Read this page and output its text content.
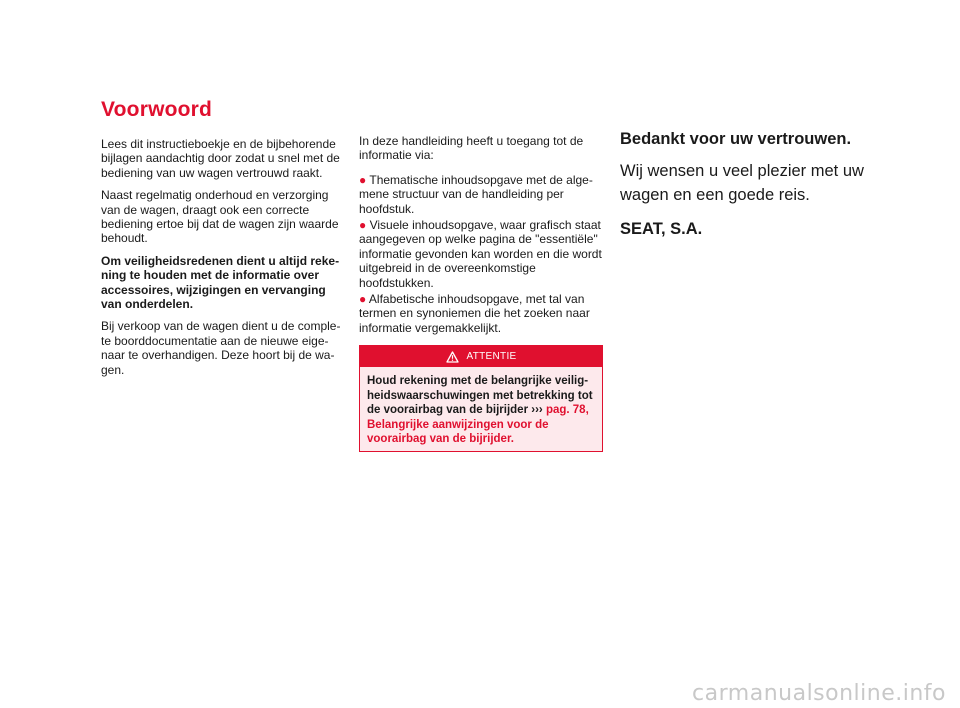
Voorwoord

Lees dit instructieboekje en de bijbehorende bijlagen aandachtig door zodat u snel met de bediening van uw wagen vertrouwd raakt.

Naast regelmatig onderhoud en verzorging van de wagen, draagt ook een correcte bediening ertoe bij dat de wagen zijn waarde behoudt.

Om veiligheidsredenen dient u altijd rekening te houden met de informatie over accessoires, wijzigingen en vervanging van onderdelen.

Bij verkoop van de wagen dient u de complete boorddocumentatie aan de nieuwe eigenaar te overhandigen. Deze hoort bij de wagen.

In deze handleiding heeft u toegang tot de informatie via:

● Thematische inhoudsopgave met de algemene structuur van de handleiding per hoofdstuk.
● Visuele inhoudsopgave, waar grafisch staat aangegeven op welke pagina de "essentiële" informatie gevonden kan worden en die wordt uitgebreid in de overeenkomstige hoofdstukken.
● Alfabetische inhoudsopgave, met tal van termen en synoniemen die het zoeken naar informatie vergemakkelijkt.
ATTENTIE
Houd rekening met de belangrijke veiligheidswaarschuwingen met betrekking tot de voorairbag van de bijrijder ››› pag. 78, Belangrijke aanwijzingen voor de voorairbag van de bijrijder.
Bedankt voor uw vertrouwen.
Wij wensen u veel plezier met uw wagen en een goede reis.
SEAT, S.A.
carmanualsonline.info
